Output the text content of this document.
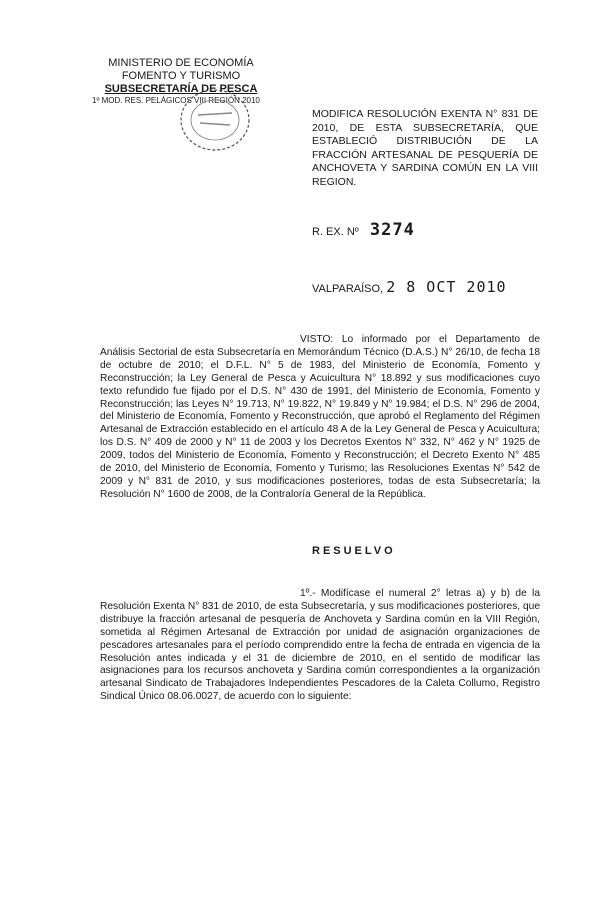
MINISTERIO DE ECONOMÍA
FOMENTO Y TURISMO
SUBSECRETARÍA DE PESCA
1º MOD. RES. PELÁGICOS VIII REGIÓN 2010
MODIFICA RESOLUCIÓN EXENTA N° 831 DE 2010, DE ESTA SUBSECRETARÍA, QUE ESTABLECIÓ DISTRIBUCIÓN DE LA FRACCIÓN ARTESANAL DE PESQUERÍA DE ANCHOVETA Y SARDINA COMÚN EN LA VIII REGION.
R. EX. Nº 3274
VALPARAÍSO, 2 8 OCT 2010
VISTO: Lo informado por el Departamento de Análisis Sectorial de esta Subsecretaría en Memorándum Técnico (D.A.S.) N° 26/10, de fecha 18 de octubre de 2010; el D.F.L. N° 5 de 1983, del Ministerio de Economía, Fomento y Reconstrucción; la Ley General de Pesca y Acuicultura N° 18.892 y sus modificaciones cuyo texto refundido fue fijado por el D.S. N° 430 de 1991, del Ministerio de Economía, Fomento y Reconstrucción; las Leyes N° 19.713, N° 19.822, N° 19.849 y N° 19.984; el D.S. N° 296 de 2004, del Ministerio de Economía, Fomento y Reconstrucción, que aprobó el Reglamento del Régimen Artesanal de Extracción establecido en el artículo 48 A de la Ley General de Pesca y Acuicultura; los D.S. N° 409 de 2000 y N° 11 de 2003 y los Decretos Exentos N° 332, N° 462 y N° 1925 de 2009, todos del Ministerio de Economía, Fomento y Reconstrucción; el Decreto Exento N° 485 de 2010, del Ministerio de Economía, Fomento y Turismo; las Resoluciones Exentas N° 542 de 2009 y N° 831 de 2010, y sus modificaciones posteriores, todas de esta Subsecretaría; la Resolución N° 1600 de 2008, de la Contraloría General de la República.
RESUELVO
1º.- Modifícase el numeral 2° letras a) y b) de la Resolución Exenta N° 831 de 2010, de esta Subsecretaría, y sus modificaciones posteriores, que distribuye la fracción artesanal de pesquería de Anchoveta y Sardina común en la VIII Región, sometida al Régimen Artesanal de Extracción por unidad de asignación organizaciones de pescadores artesanales para el período comprendido entre la fecha de entrada en vigencia de la Resolución antes indicada y el 31 de diciembre de 2010, en el sentido de modificar las asignaciones para los recursos anchoveta y Sardina común correspondientes a la organización artesanal Sindicato de Trabajadores Independientes Pescadores de la Caleta Collumo, Registro Sindical Único 08.06.0027, de acuerdo con lo siguiente:
